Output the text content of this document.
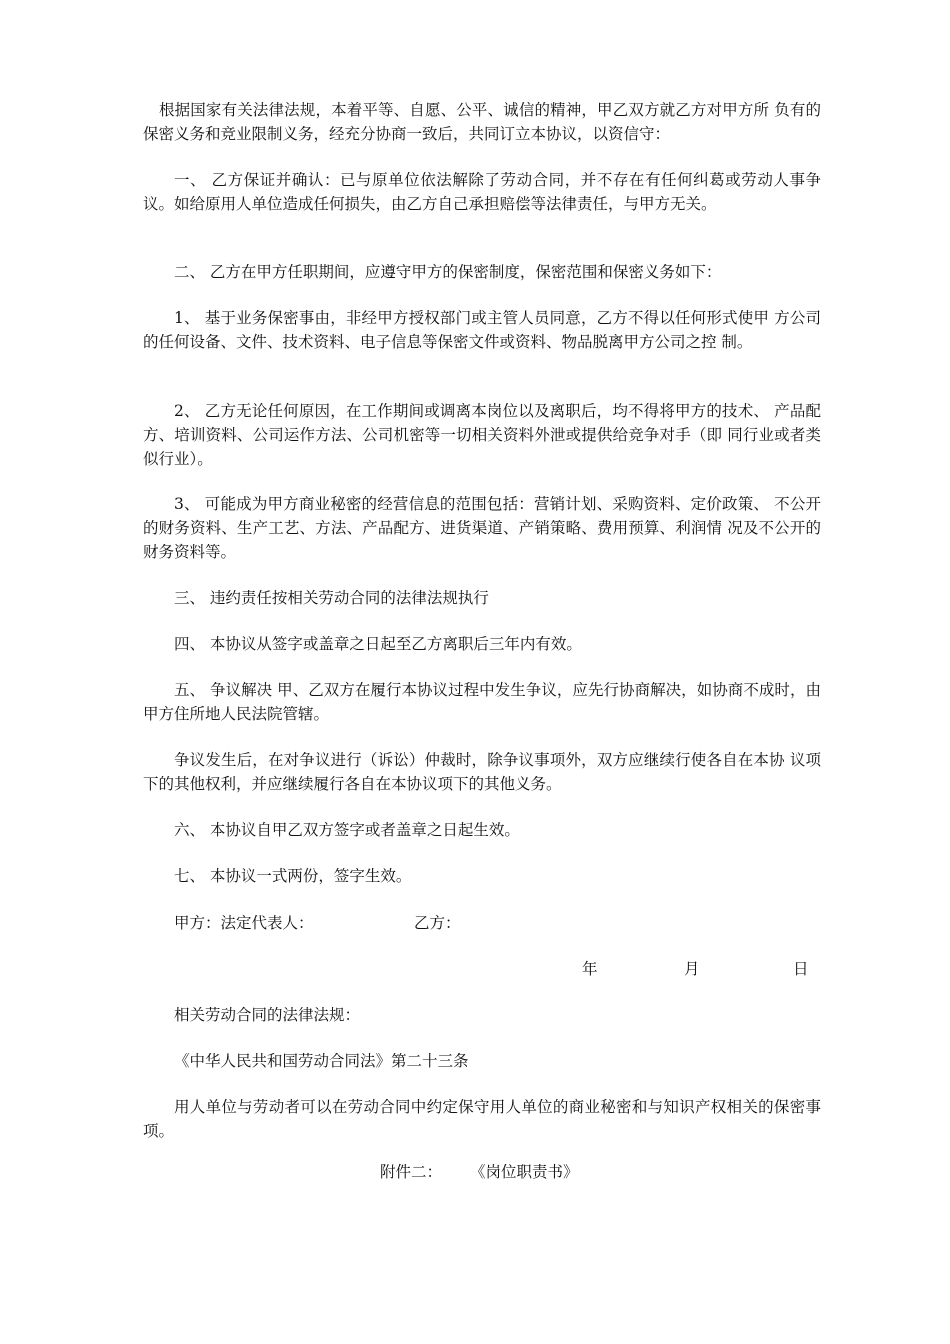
根据国家有关法律法规，本着平等、自愿、公平、诚信的精神，甲乙双方就乙方对甲方所 负有的保密义务和竞业限制义务，经充分协商一致后，共同订立本协议，以资信守：

一、 乙方保证并确认：已与原单位依法解除了劳动合同，并不存在有任何纠葛或劳动人事争议。如给原用人单位造成任何损失，由乙方自己承担赔偿等法律责任，与甲方无关。

二、 乙方在甲方任职期间，应遵守甲方的保密制度，保密范围和保密义务如下：

1、 基于业务保密事由，非经甲方授权部门或主管人员同意，乙方不得以任何形式使甲 方公司的任何设备、文件、技术资料、电子信息等保密文件或资料、物品脱离甲方公司之控 制。

2、 乙方无论任何原因，在工作期间或调离本岗位以及离职后，均不得将甲方的技术、 产品配方、培训资料、公司运作方法、公司机密等一切相关资料外泄或提供给竞争对手（即 同行业或者类似行业）。

3、 可能成为甲方商业秘密的经营信息的范围包括：营销计划、采购资料、定价政策、 不公开的财务资料、生产工艺、方法、产品配方、进货渠道、产销策略、费用预算、利润情 况及不公开的财务资料等。

三、 违约责任按相关劳动合同的法律法规执行

四、 本协议从签字或盖章之日起至乙方离职后三年内有效。

五、 争议解决 甲、乙双方在履行本协议过程中发生争议，应先行协商解决，如协商不成时，由甲方住所地人民法院管辖。

争议发生后，在对争议进行（诉讼）仲裁时，除争议事项外，双方应继续行使各自在本协 议项下的其他权利，并应继续履行各自在本协议项下的其他义务。

六、 本协议自甲乙双方签字或者盖章之日起生效。

七、 本协议一式两份，签字生效。

甲方：法定代表人：	乙方：
年	月	日

相关劳动合同的法律法规：

《中华人民共和国劳动合同法》第二十三条

用人单位与劳动者可以在劳动合同中约定保守用人单位的商业秘密和与知识产权相关的保密事项。

附件二： 《岗位职责书》
